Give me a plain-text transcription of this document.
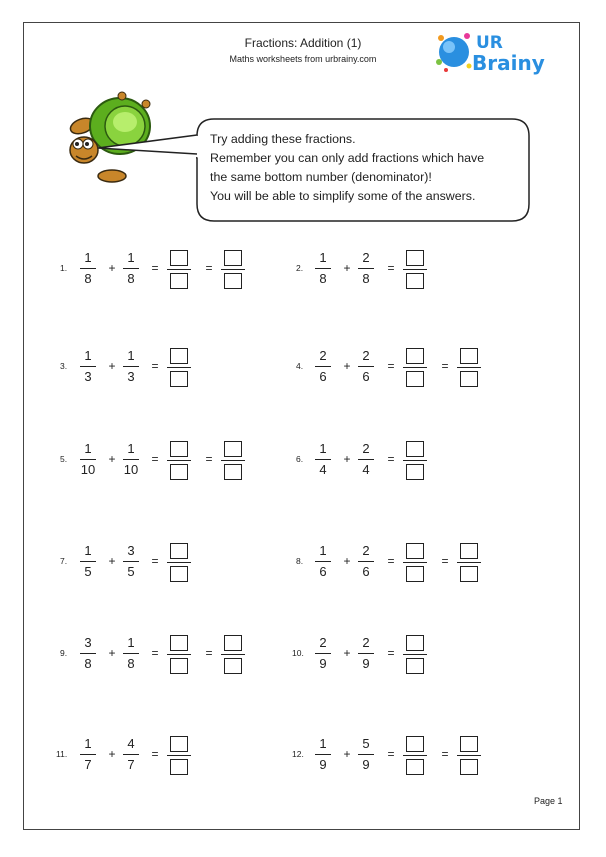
Fractions: Addition (1)
Maths worksheets from urbrainy.com
UR
Brainy
Try adding these fractions.
Remember you can only add fractions which have
the same bottom number (denominator)!
You will be able to simplify some of the answers.
1.
1
8
+
1
8
=	=	2.
1
8
+
2
8
=
3.
1
3
+
1
3
=	4.
2
6
+
2
6
=	=
5.
1
10
+
1
10
=	=	6.
1
4
+
2
4
=
7.
1
5
+
3
5
=	8.
1
6
+
2
6
=	=
9.
3
8
+
1
8
=	=	10.
2
9
+
2
9
=
11.
1
7
+
4
7
=	12.
1
9
+
5
9
=	=
Page 1
